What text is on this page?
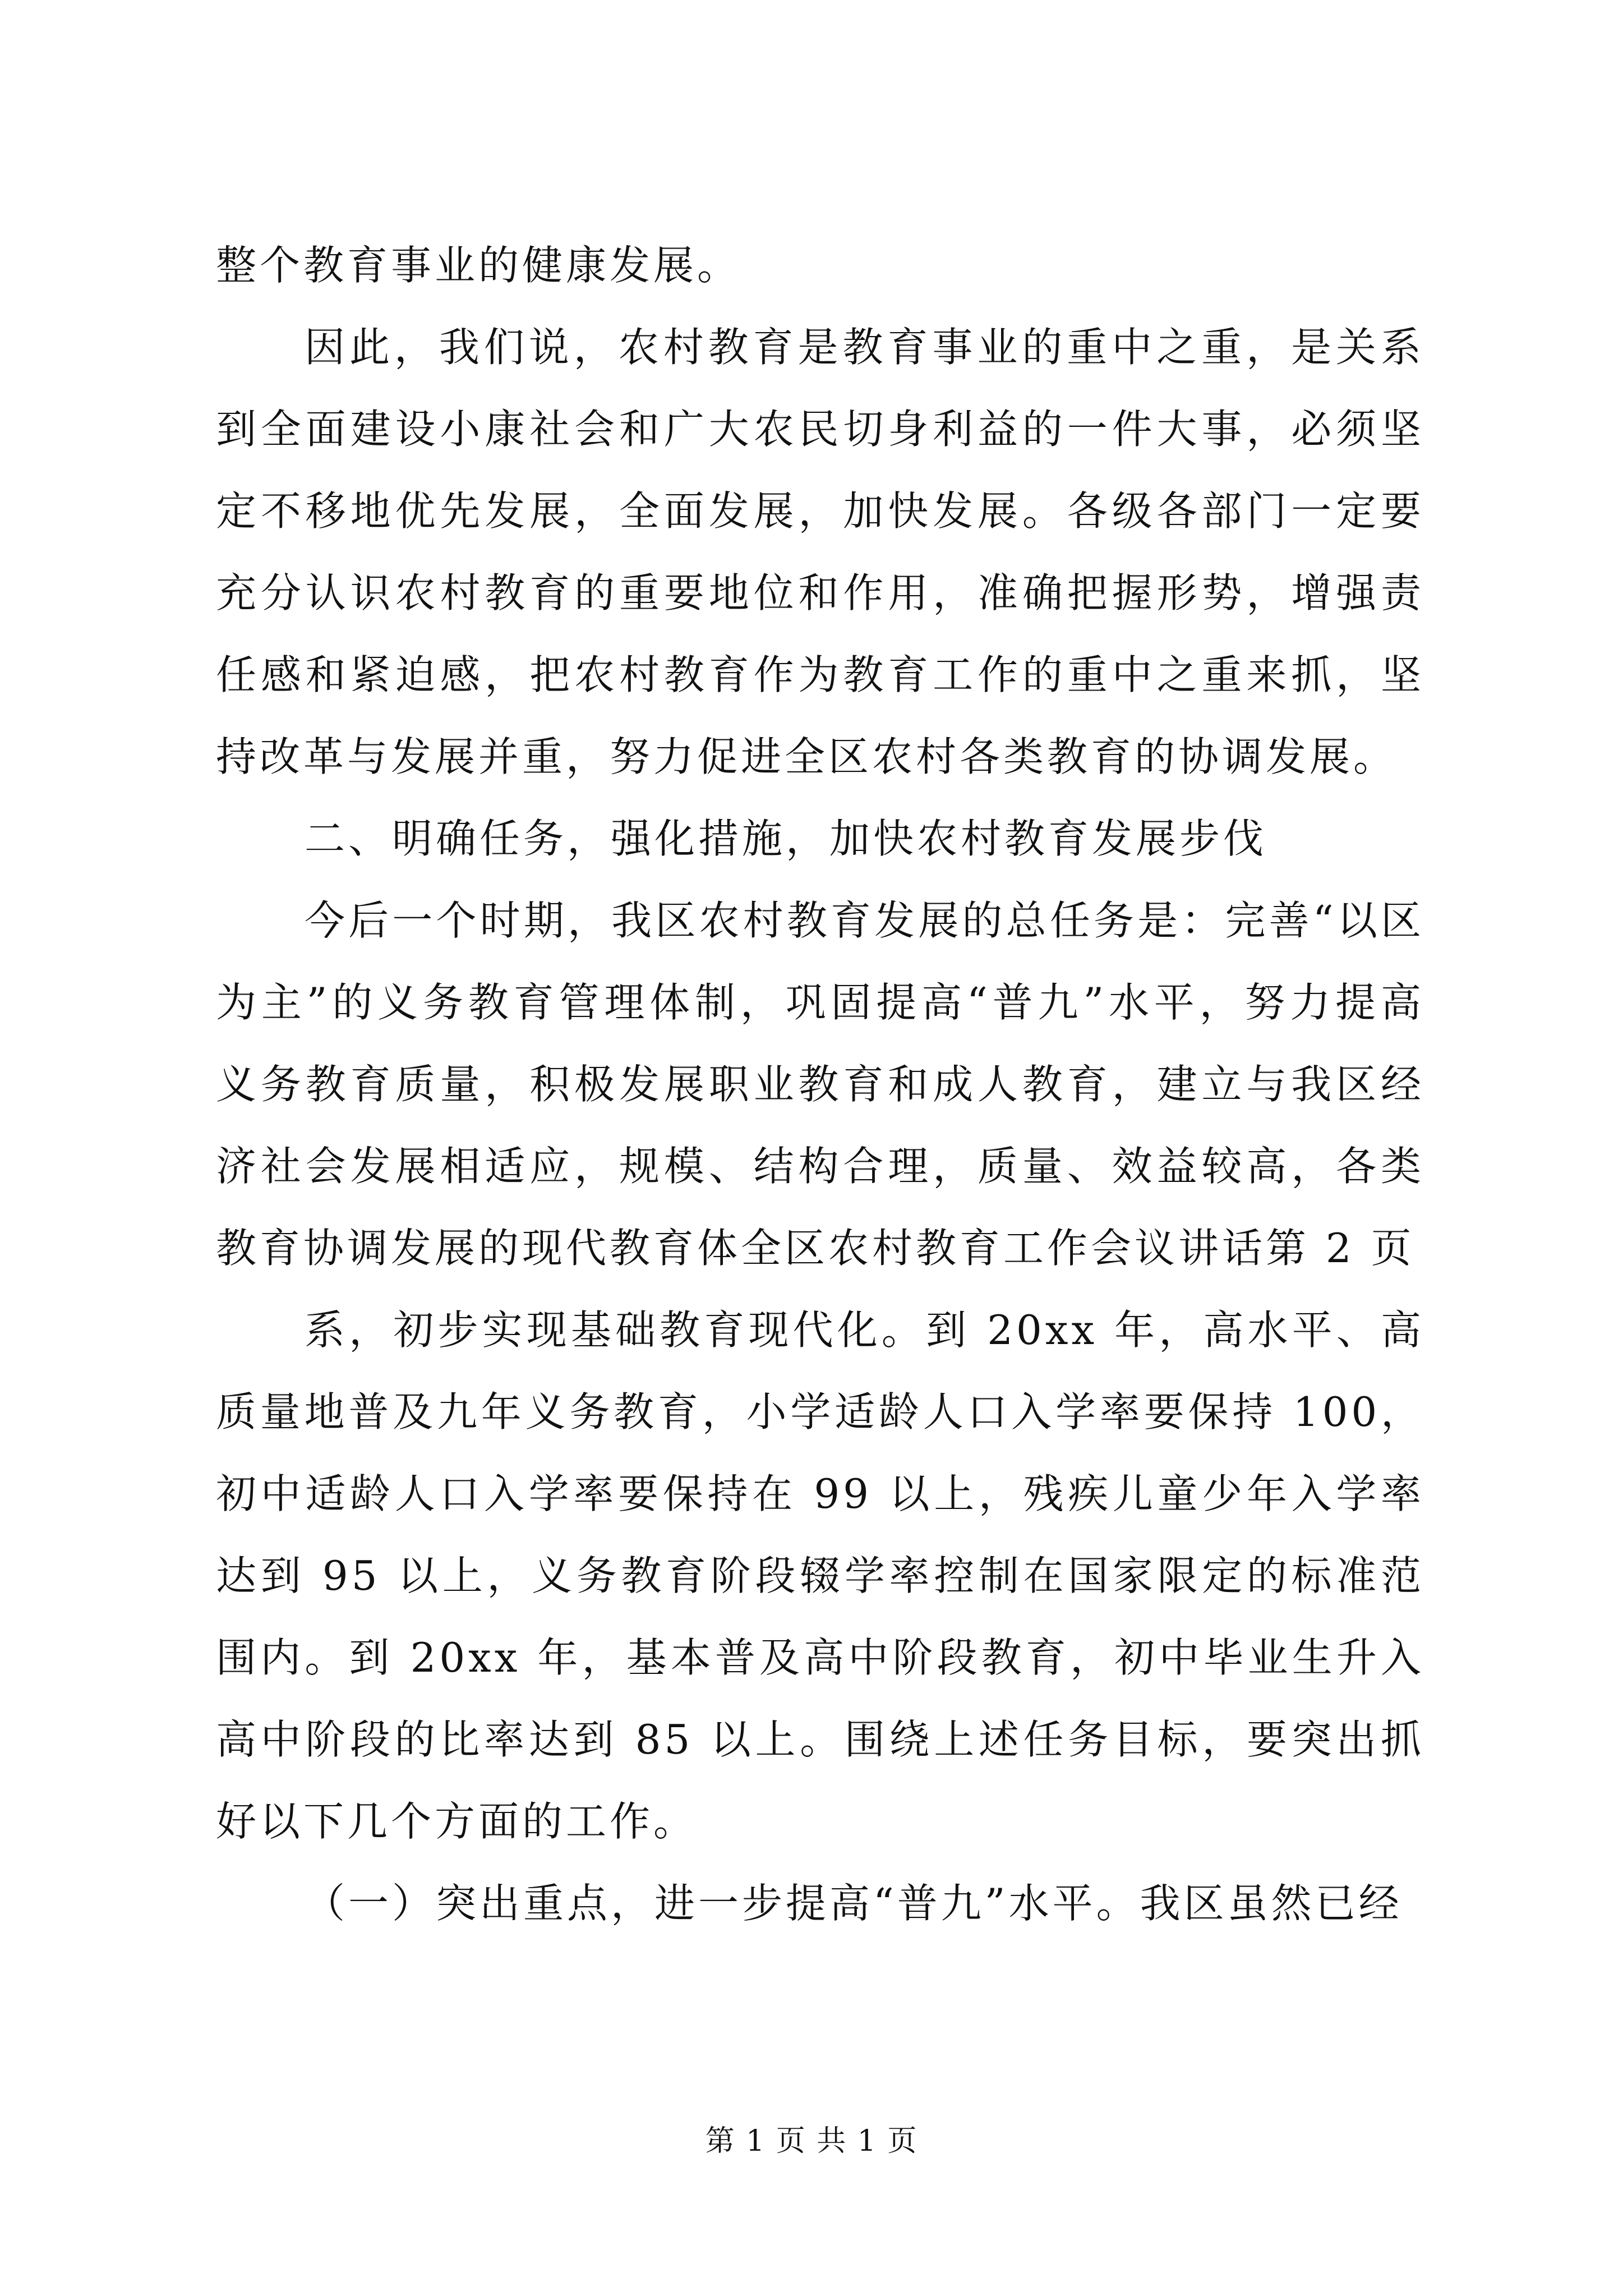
整个教育事业的健康发展。

因此，我们说，农村教育是教育事业的重中之重，是关系到全面建设小康社会和广大农民切身利益的一件大事，必须坚定不移地优先发展，全面发展，加快发展。各级各部门一定要充分认识农村教育的重要地位和作用，准确把握形势，增强责任感和紧迫感，把农村教育作为教育工作的重中之重来抓，坚持改革与发展并重，努力促进全区农村各类教育的协调发展。

二、明确任务，强化措施，加快农村教育发展步伐

今后一个时期，我区农村教育发展的总任务是：完善“以区为主”的义务教育管理体制，巩固提高“普九”水平，努力提高义务教育质量，积极发展职业教育和成人教育，建立与我区经济社会发展相适应，规模、结构合理，质量、效益较高，各类教育协调发展的现代教育体全区农村教育工作会议讲话第 2 页

系，初步实现基础教育现代化。到 20xx 年，高水平、高质量地普及九年义务教育，小学适龄人口入学率要保持 100，初中适龄人口入学率要保持在 99 以上，残疾儿童少年入学率达到 95 以上，义务教育阶段辍学率控制在国家限定的标准范围内。到 20xx 年，基本普及高中阶段教育，初中毕业生升入高中阶段的比率达到 85 以上。围绕上述任务目标，要突出抓好以下几个方面的工作。

（一）突出重点，进一步提高“普九”水平。我区虽然已经

第 1 页 共 1 页
